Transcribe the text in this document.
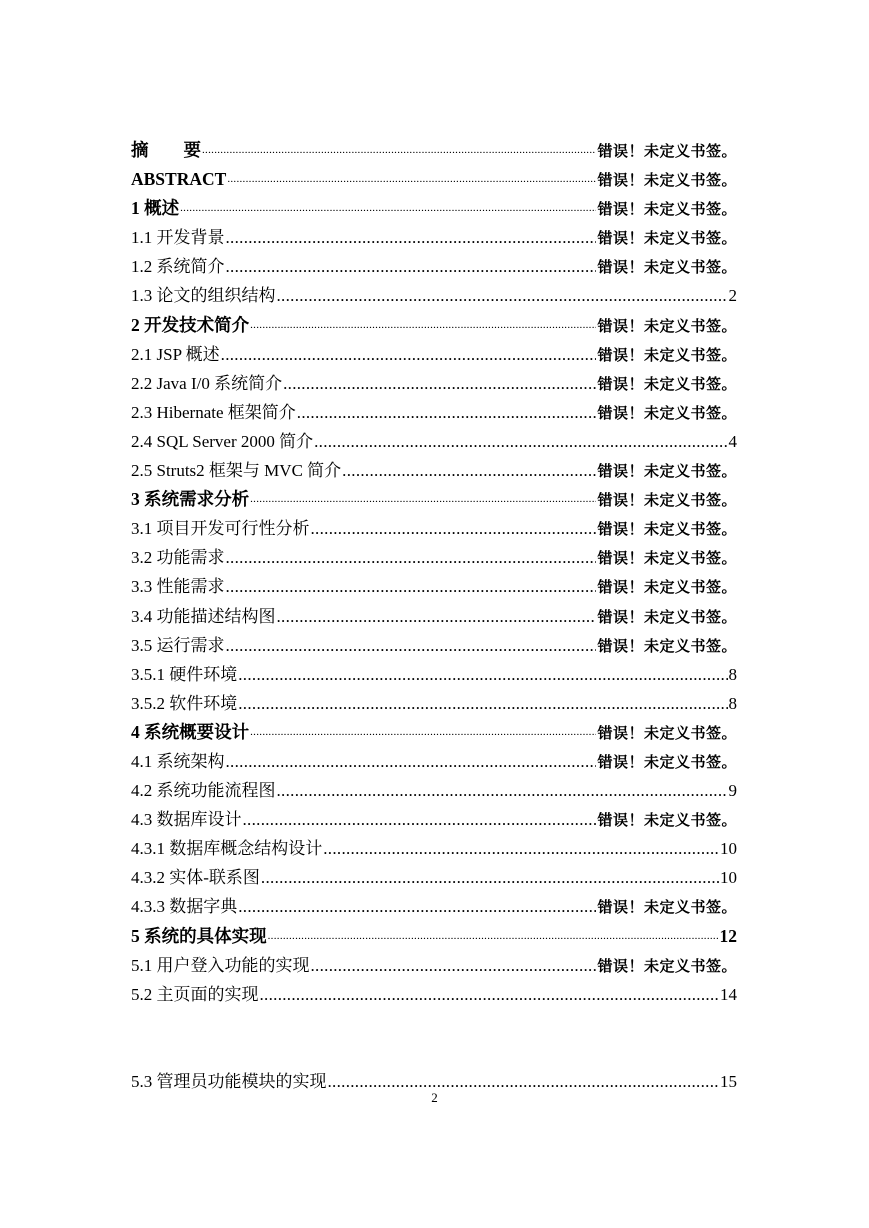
摘　　要 .....	错误！未定义书签。
ABSTRACT .....	错误！未定义书签。
1 概述 .....	错误！未定义书签。
1.1 开发背景 .....	错误！未定义书签。
1.2 系统简介 .....	错误！未定义书签。
1.3 论文的组织结构 .....	2
2 开发技术简介 .....	错误！未定义书签。
2.1 JSP 概述 .....	错误！未定义书签。
2.2 Java I/0 系统简介 .....	错误！未定义书签。
2.3 Hibernate 框架简介 .....	错误！未定义书签。
2.4 SQL Server 2000 简介 .....	4
2.5 Struts2 框架与 MVC 简介 .....	错误！未定义书签。
3 系统需求分析 .....	错误！未定义书签。
3.1 项目开发可行性分析 .....	错误！未定义书签。
3.2 功能需求 .....	错误！未定义书签。
3.3 性能需求 .....	错误！未定义书签。
3.4 功能描述结构图 .....	错误！未定义书签。
3.5 运行需求 .....	错误！未定义书签。
3.5.1 硬件环境 .....	8
3.5.2 软件环境 .....	8
4 系统概要设计 .....	错误！未定义书签。
4.1 系统架构 .....	错误！未定义书签。
4.2 系统功能流程图 .....	9
4.3 数据库设计 .....	错误！未定义书签。
4.3.1 数据库概念结构设计 .....	10
4.3.2 实体-联系图 .....	10
4.3.3 数据字典 .....	错误！未定义书签。
5 系统的具体实现 .....	12
5.1 用户登入功能的实现 .....	错误！未定义书签。
5.2 主页面的实现 .....	14
5.3 管理员功能模块的实现 .....	15
2
